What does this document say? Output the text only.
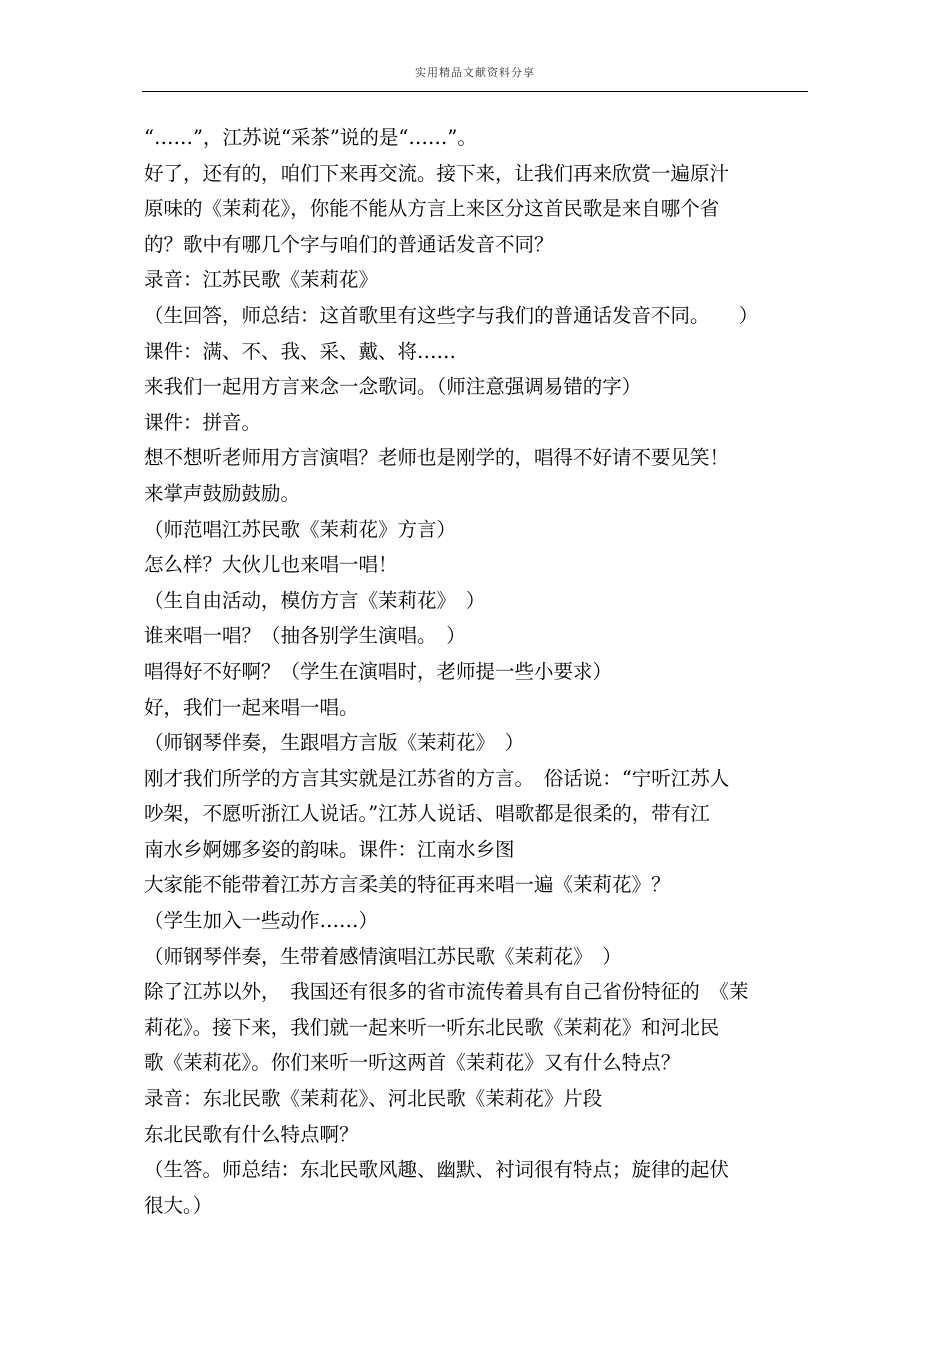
实用精品文献资料分享
“……”，江苏说“采茶”说的是“……”。
好了，还有的，咱们下来再交流。接下来，让我们再来欣赏一遍原汁
原味的《茉莉花》，你能不能从方言上来区分这首民歌是来自哪个省
的？歌中有哪几个字与咱们的普通话发音不同？
录音：江苏民歌《茉莉花》
（生回答，师总结：这首歌里有这些字与我们的普通话发音不同。　　）
课件：满、不、我、采、戴、将……
来我们一起用方言来念一念歌词。（师注意强调易错的字）
课件：拼音。
想不想听老师用方言演唱？老师也是刚学的，唱得不好请不要见笑！
来掌声鼓励鼓励。
（师范唱江苏民歌《茉莉花》方言）
怎么样？大伙儿也来唱一唱！
（生自由活动，模仿方言《茉莉花》　）
谁来唱一唱？（抽各别学生演唱。　）
唱得好不好啊？（学生在演唱时，老师提一些小要求）
好，我们一起来唱一唱。
（师钢琴伴奏，生跟唱方言版《茉莉花》　）
刚才我们所学的方言其实就是江苏省的方言。　俗话说：“宁听江苏人
吵架，不愿听浙江人说话。”江苏人说话、唱歌都是很柔的，带有江
南水乡婀娜多姿的韵味。课件：江南水乡图
大家能不能带着江苏方言柔美的特征再来唱一遍《茉莉花》？
（学生加入一些动作……）
（师钢琴伴奏，生带着感情演唱江苏民歌《茉莉花》　）
除了江苏以外，　我国还有很多的省市流传着具有自己省份特征的　《茉
莉花》。接下来，我们就一起来听一听东北民歌《茉莉花》和河北民
歌《茉莉花》。你们来听一听这两首《茉莉花》又有什么特点？
录音：东北民歌《茉莉花》、河北民歌《茉莉花》片段
东北民歌有什么特点啊？
（生答。师总结：东北民歌风趣、幽默、衬词很有特点；旋律的起伏
很大。）
